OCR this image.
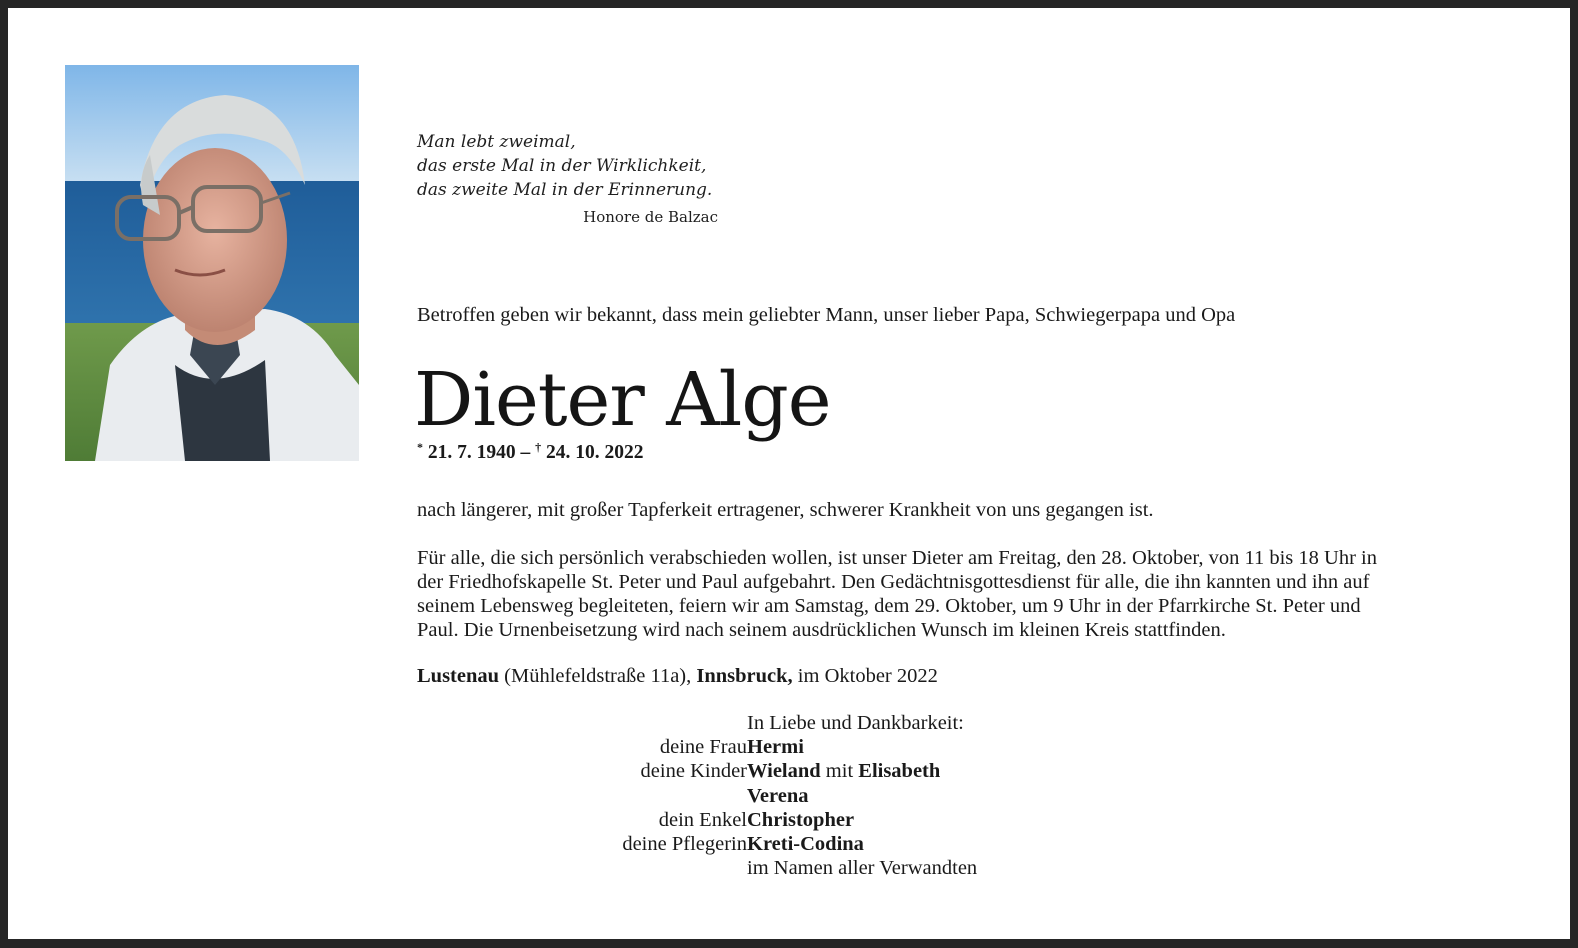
Man lebt zweimal,
das erste Mal in der Wirklichkeit,
das zweite Mal in der Erinnerung.
Honore de Balzac
Betroffen geben wir bekannt, dass mein geliebter Mann, unser lieber Papa, Schwiegerpapa und Opa
Dieter Alge
* 21. 7. 1940 – † 24. 10. 2022
nach längerer, mit großer Tapferkeit ertragener, schwerer Krankheit von uns gegangen ist.
Für alle, die sich persönlich verabschieden wollen, ist unser Dieter am Freitag, den 28. Oktober, von 11 bis 18 Uhr in
der Friedhofskapelle St. Peter und Paul aufgebahrt. Den Gedächtnisgottesdienst für alle, die ihn kannten und ihn auf
seinem Lebensweg begleiteten, feiern wir am Samstag, dem 29. Oktober, um 9 Uhr in der Pfarrkirche St. Peter und
Paul. Die Urnenbeisetzung wird nach seinem ausdrücklichen Wunsch im kleinen Kreis stattfinden.
Lustenau (Mühlefeldstraße 11a), Innsbruck, im Oktober 2022
In Liebe und Dankbarkeit:
deine Frau Hermi
deine Kinder Wieland mit Elisabeth
Verena
dein Enkel Christopher
deine Pflegerin Kreti-Codina
im Namen aller Verwandten
